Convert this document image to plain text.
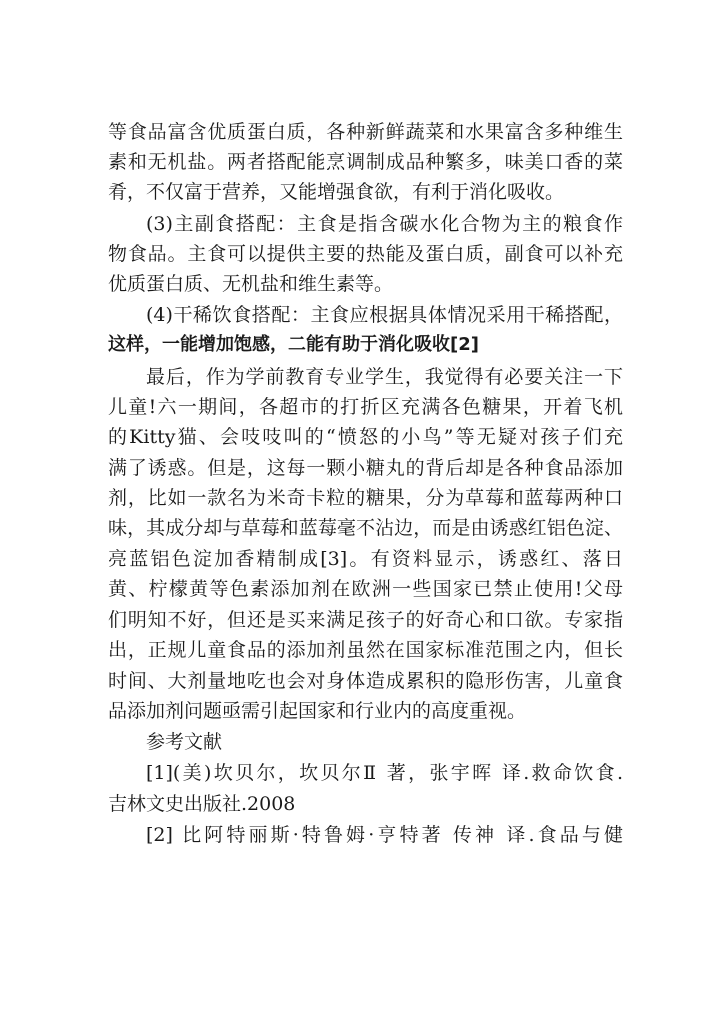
等食品富含优质蛋白质，各种新鲜蔬菜和水果富含多种维生
素和无机盐。两者搭配能烹调制成品种繁多，味美口香的菜
肴，不仅富于营养，又能增强食欲，有利于消化吸收。
(3)主副食搭配：主食是指含碳水化合物为主的粮食作
物食品。主食可以提供主要的热能及蛋白质，副食可以补充
优质蛋白质、无机盐和维生素等。
(4)干稀饮食搭配：主食应根据具体情况采用干稀搭配，
这样，一能增加饱感，二能有助于消化吸收[2]
最后，作为学前教育专业学生，我觉得有必要关注一下
儿童!六一期间，各超市的打折区充满各色糖果，开着飞机
的Kitty猫、会吱吱叫的“愤怒的小鸟”等无疑对孩子们充
满了诱惑。但是，这每一颗小糖丸的背后却是各种食品添加
剂，比如一款名为米奇卡粒的糖果，分为草莓和蓝莓两种口
味，其成分却与草莓和蓝莓毫不沾边，而是由诱惑红铝色淀、
亮蓝铝色淀加香精制成[3]。有资料显示，诱惑红、落日
黄、柠檬黄等色素添加剂在欧洲一些国家已禁止使用!父母
们明知不好，但还是买来满足孩子的好奇心和口欲。专家指
出，正规儿童食品的添加剂虽然在国家标准范围之内，但长
时间、大剂量地吃也会对身体造成累积的隐形伤害，儿童食
品添加剂问题亟需引起国家和行业内的高度重视。
参考文献
[1](美)坎贝尔，坎贝尔Ⅱ 著，张宇晖 译.救命饮食.
吉林文史出版社.2008
[2] 比阿特丽斯·特鲁姆·亨特著 传神 译.食品与健
